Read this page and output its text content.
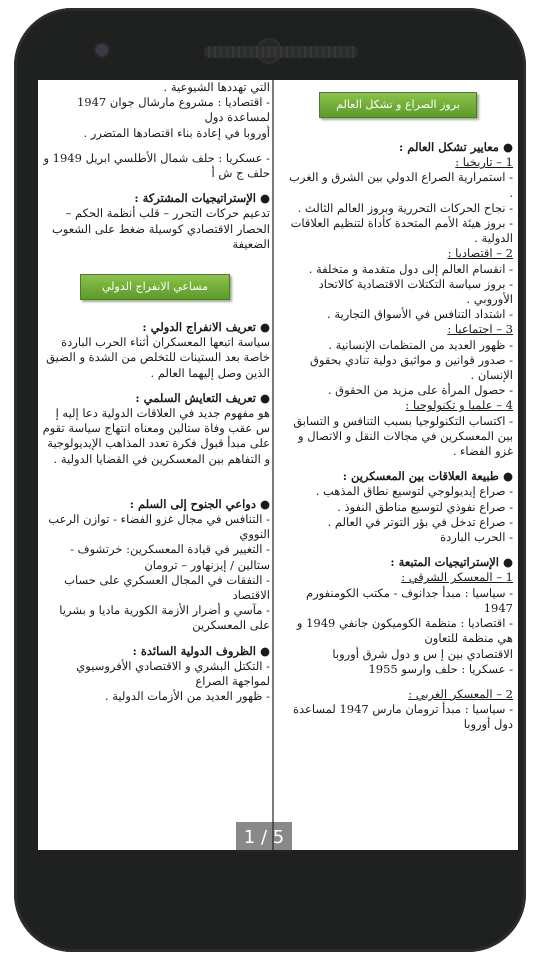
بروز الصراع و تشكل العالم

● معايير تشكل العالم :

1 – تاريخيا :

- استمرارية الصراع الدولي بين الشرق و الغرب .

- نجاح الحركات التحررية وبروز العالم الثالث .

- بروز هيئة الأمم المتحدة كأداة لتنظيم العلاقات الدولية .

2 – اقتصاديا :

- انقسام العالم إلى دول متقدمة و متخلفة .

- بروز سياسة التكتلات الاقتصادية كالاتحاد الأوروبي .

- اشتداد التنافس في الأسواق التجارية .

3 – اجتماعيا :

- ظهور العديد من المنظمات الإنسانية .

- صدور قوانين و مواثيق دولية تنادي بحقوق الإنسان .

- حصول المرأة على مزيد من الحقوق .

4 – علميا و تكنولوجيا :

- اكتساب التكنولوجيا بسبب التنافس و التسابق بين المعسكرين في مجالات النقل و الاتصال و غزو الفضاء .

● طبيعة العلاقات بين المعسكرين :

- صراع إيديولوجي لتوسيع نطاق المذهب .

- صراع نفوذي لتوسيع مناطق النفوذ .

- صراع تدخل في بؤر التوتر في العالم .

- الحرب الباردة

● الإستراتيجيات المتبعة :

1 – المعسكر الشرقي :

- سياسيا : مبدأ جدانوف - مكتب الكومنفورم 1947

- اقتصاديا : منظمة الكوميكون جانفي 1949 و هي منظمة للتعاون

الاقتصادي بين إ س و دول شرق أوروبا

- عسكريا : حلف وارسو 1955

2 – المعسكر الغربي :

- سياسيا : مبدأ ترومان مارس 1947 لمساعدة دول أوروبا

التي تهددها الشيوعية .

- اقتصاديا : مشروع مارشال جوان 1947 لمساعدة دول

أوروبا في إعادة بناء اقتصادها المتضرر .

- عسكريا : حلف شمال الأطلسي ابريل 1949 و حلف ج ش أ

● الإستراتيجيات المشتركة :

تدعيم حركات التحرر – قلب أنظمة الحكم – الحصار الاقتصادي كوسيلة ضغط على الشعوب الضعيفة

مساعي الانفراج الدولي

● تعريف الانفراج الدولي :

سياسة اتبعها المعسكران أثناء الحرب الباردة خاصة بعد الستينات للتخلص من الشدة و الضيق الذين وصل إليهما العالم .

● تعريف التعايش السلمي :

هو مفهوم جديد في العلاقات الدولية دعا إليه إ س عقب وفاة ستالين ومعناه انتهاج سياسة تقوم على مبدأ قبول فكرة تعدد المذاهب الإيديولوجية و التفاهم بين المعسكرين في القضايا الدولية .

● دواعي الجنوح إلى السلم :

- التنافس في مجال غزو الفضاء - توازن الرعب النووي

- التغيير في قيادة المعسكرين: خرتشوف - ستالين / إيزنهاور – ترومان

- النفقات في المجال العسكري على حساب الاقتصاد

- مآسي و أضرار الأزمة الكورية ماديا و بشريا على المعسكرين

● الظروف الدولية السائدة :

- التكتل البشري و الاقتصادي الأفروسيوي لمواجهة الصراع

- ظهور العديد من الأزمات الدولية .

1 / 5
